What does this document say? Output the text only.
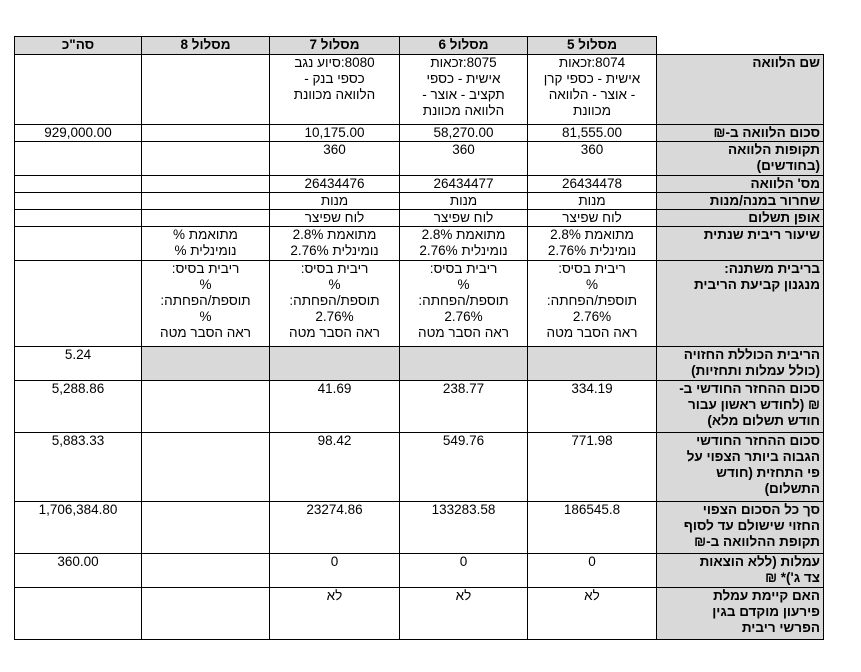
	מסלול 5	מסלול 6	מסלול 7	מסלול 8	סה"כ
שם הלוואה	8074:זכאות
אישית - כספי קרן
- אוצר - הלוואה
מכוונת	8075:זכאות
אישית - כספי
תקציב - אוצר -
הלוואה מכוונת	8080:סיוע נגב
כספי בנק -
הלוואה מכוונת		
סכום הלוואה ב-₪	81,555.00	58,270.00	10,175.00		929,000.00
תקופות הלוואה
(בחודשים)	360	360	360		
מס' הלוואה	26434478	26434477	26434476		
שחרור במנה/מנות	מנות	מנות	מנות		
אופן תשלום	לוח שפיצר	לוח שפיצר	לוח שפיצר		
שיעור ריבית שנתית	מתואמת 2.8%
נומינלית 2.76%	מתואמת 2.8%
נומינלית 2.76%	מתואמת 2.8%
נומינלית 2.76%	מתואמת %
נומינלית %	
בריבית משתנה:
מנגנון קביעת הריבית	ריבית בסיס:
%
תוספת/הפחתה:
2.76%
ראה הסבר מטה	ריבית בסיס:
%
תוספת/הפחתה:
2.76%
ראה הסבר מטה	ריבית בסיס:
%
תוספת/הפחתה:
2.76%
ראה הסבר מטה	ריבית בסיס:
%
תוספת/הפחתה:
%
ראה הסבר מטה	
הריבית הכוללת החזויה
(כולל עמלות ותחזיות)					5.24
סכום ההחזר החודשי ב-
₪ (לחודש ראשון עבור
חודש תשלום מלא)	334.19	238.77	41.69		5,288.86
סכום ההחזר החודשי
הגבוה ביותר הצפוי על
פי התחזית (חודש
התשלום)	771.98	549.76	98.42		5,883.33
סך כל הסכום הצפוי
החזוי שישולם עד לסוף
תקופת ההלוואה ב-₪	186545.8	133283.58	23274.86		1,706,384.80
עמלות (ללא הוצאות
צד ג')* ₪	0	0	0		360.00
האם קיימת עמלת
פירעון מוקדם בגין
הפרשי ריבית	לא	לא	לא		
